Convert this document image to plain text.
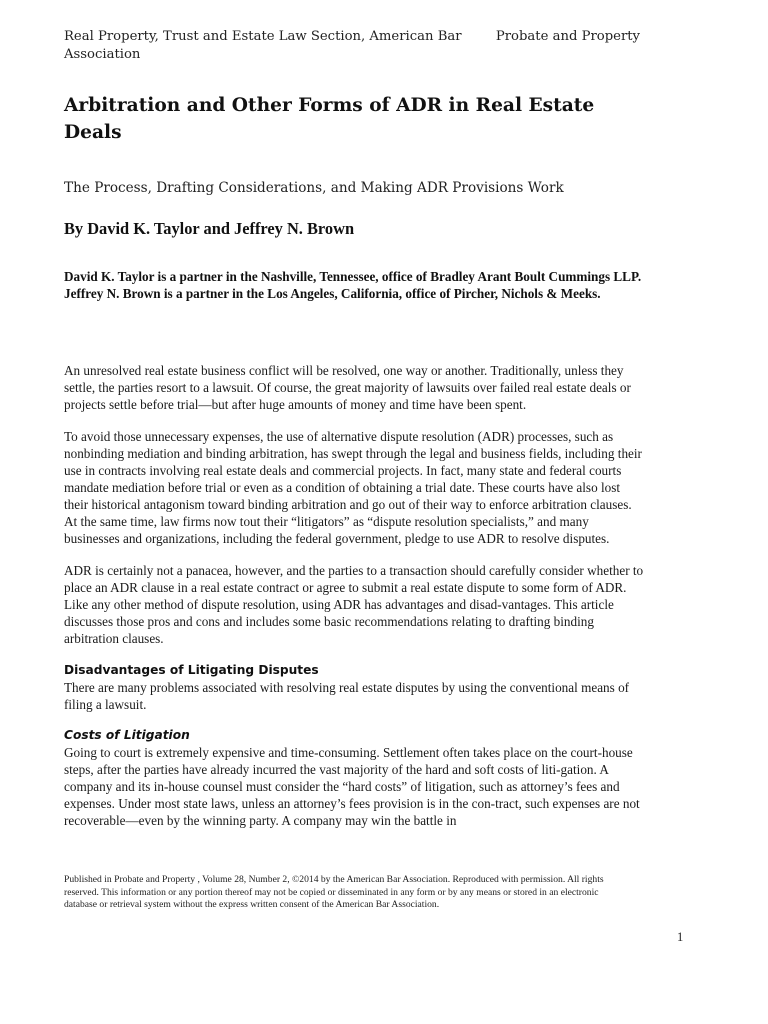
Real Property, Trust and Estate Law Section, American Bar Association
Probate and Property
Arbitration and Other Forms of ADR in Real Estate Deals
The Process, Drafting Considerations, and Making ADR Provisions Work
By David K. Taylor and Jeffrey N. Brown
David K. Taylor is a partner in the Nashville, Tennessee, office of Bradley Arant Boult Cummings LLP. Jeffrey N. Brown is a partner in the Los Angeles, California, office of Pircher, Nichols & Meeks.

An unresolved real estate business conflict will be resolved, one way or another. Traditionally, unless they settle, the parties resort to a lawsuit. Of course, the great majority of lawsuits over failed real estate deals or projects settle before trial—but after huge amounts of money and time have been spent.

To avoid those unnecessary expenses, the use of alternative dispute resolution (ADR) processes, such as nonbinding mediation and binding arbitration, has swept through the legal and business fields, including their use in contracts involving real estate deals and commercial projects. In fact, many state and federal courts mandate mediation before trial or even as a condition of obtaining a trial date. These courts have also lost their historical antagonism toward binding arbitration and go out of their way to enforce arbitration clauses. At the same time, law firms now tout their “litigators” as “dispute resolution specialists,” and many businesses and organizations, including the federal government, pledge to use ADR to resolve disputes.

ADR is certainly not a panacea, however, and the parties to a transaction should carefully consider whether to place an ADR clause in a real estate contract or agree to submit a real estate dispute to some form of ADR. Like any other method of dispute resolution, using ADR has advantages and disad-vantages. This article discusses those pros and cons and includes some basic recommendations relating to drafting binding arbitration clauses.

Disadvantages of Litigating Disputes

There are many problems associated with resolving real estate disputes by using the conventional means of filing a lawsuit.

Costs of Litigation

Going to court is extremely expensive and time-consuming. Settlement often takes place on the court-house steps, after the parties have already incurred the vast majority of the hard and soft costs of liti-gation. A company and its in-house counsel must consider the “hard costs” of litigation, such as attorney’s fees and expenses. Under most state laws, unless an attorney’s fees provision is in the con-tract, such expenses are not recoverable—even by the winning party. A company may win the battle in

Published in Probate and Property , Volume 28, Number 2, ©2014 by the American Bar Association. Reproduced with permission. All rights reserved. This information or any portion thereof may not be copied or disseminated in any form or by any means or stored in an electronic database or retrieval system without the express written consent of the American Bar Association.
1
